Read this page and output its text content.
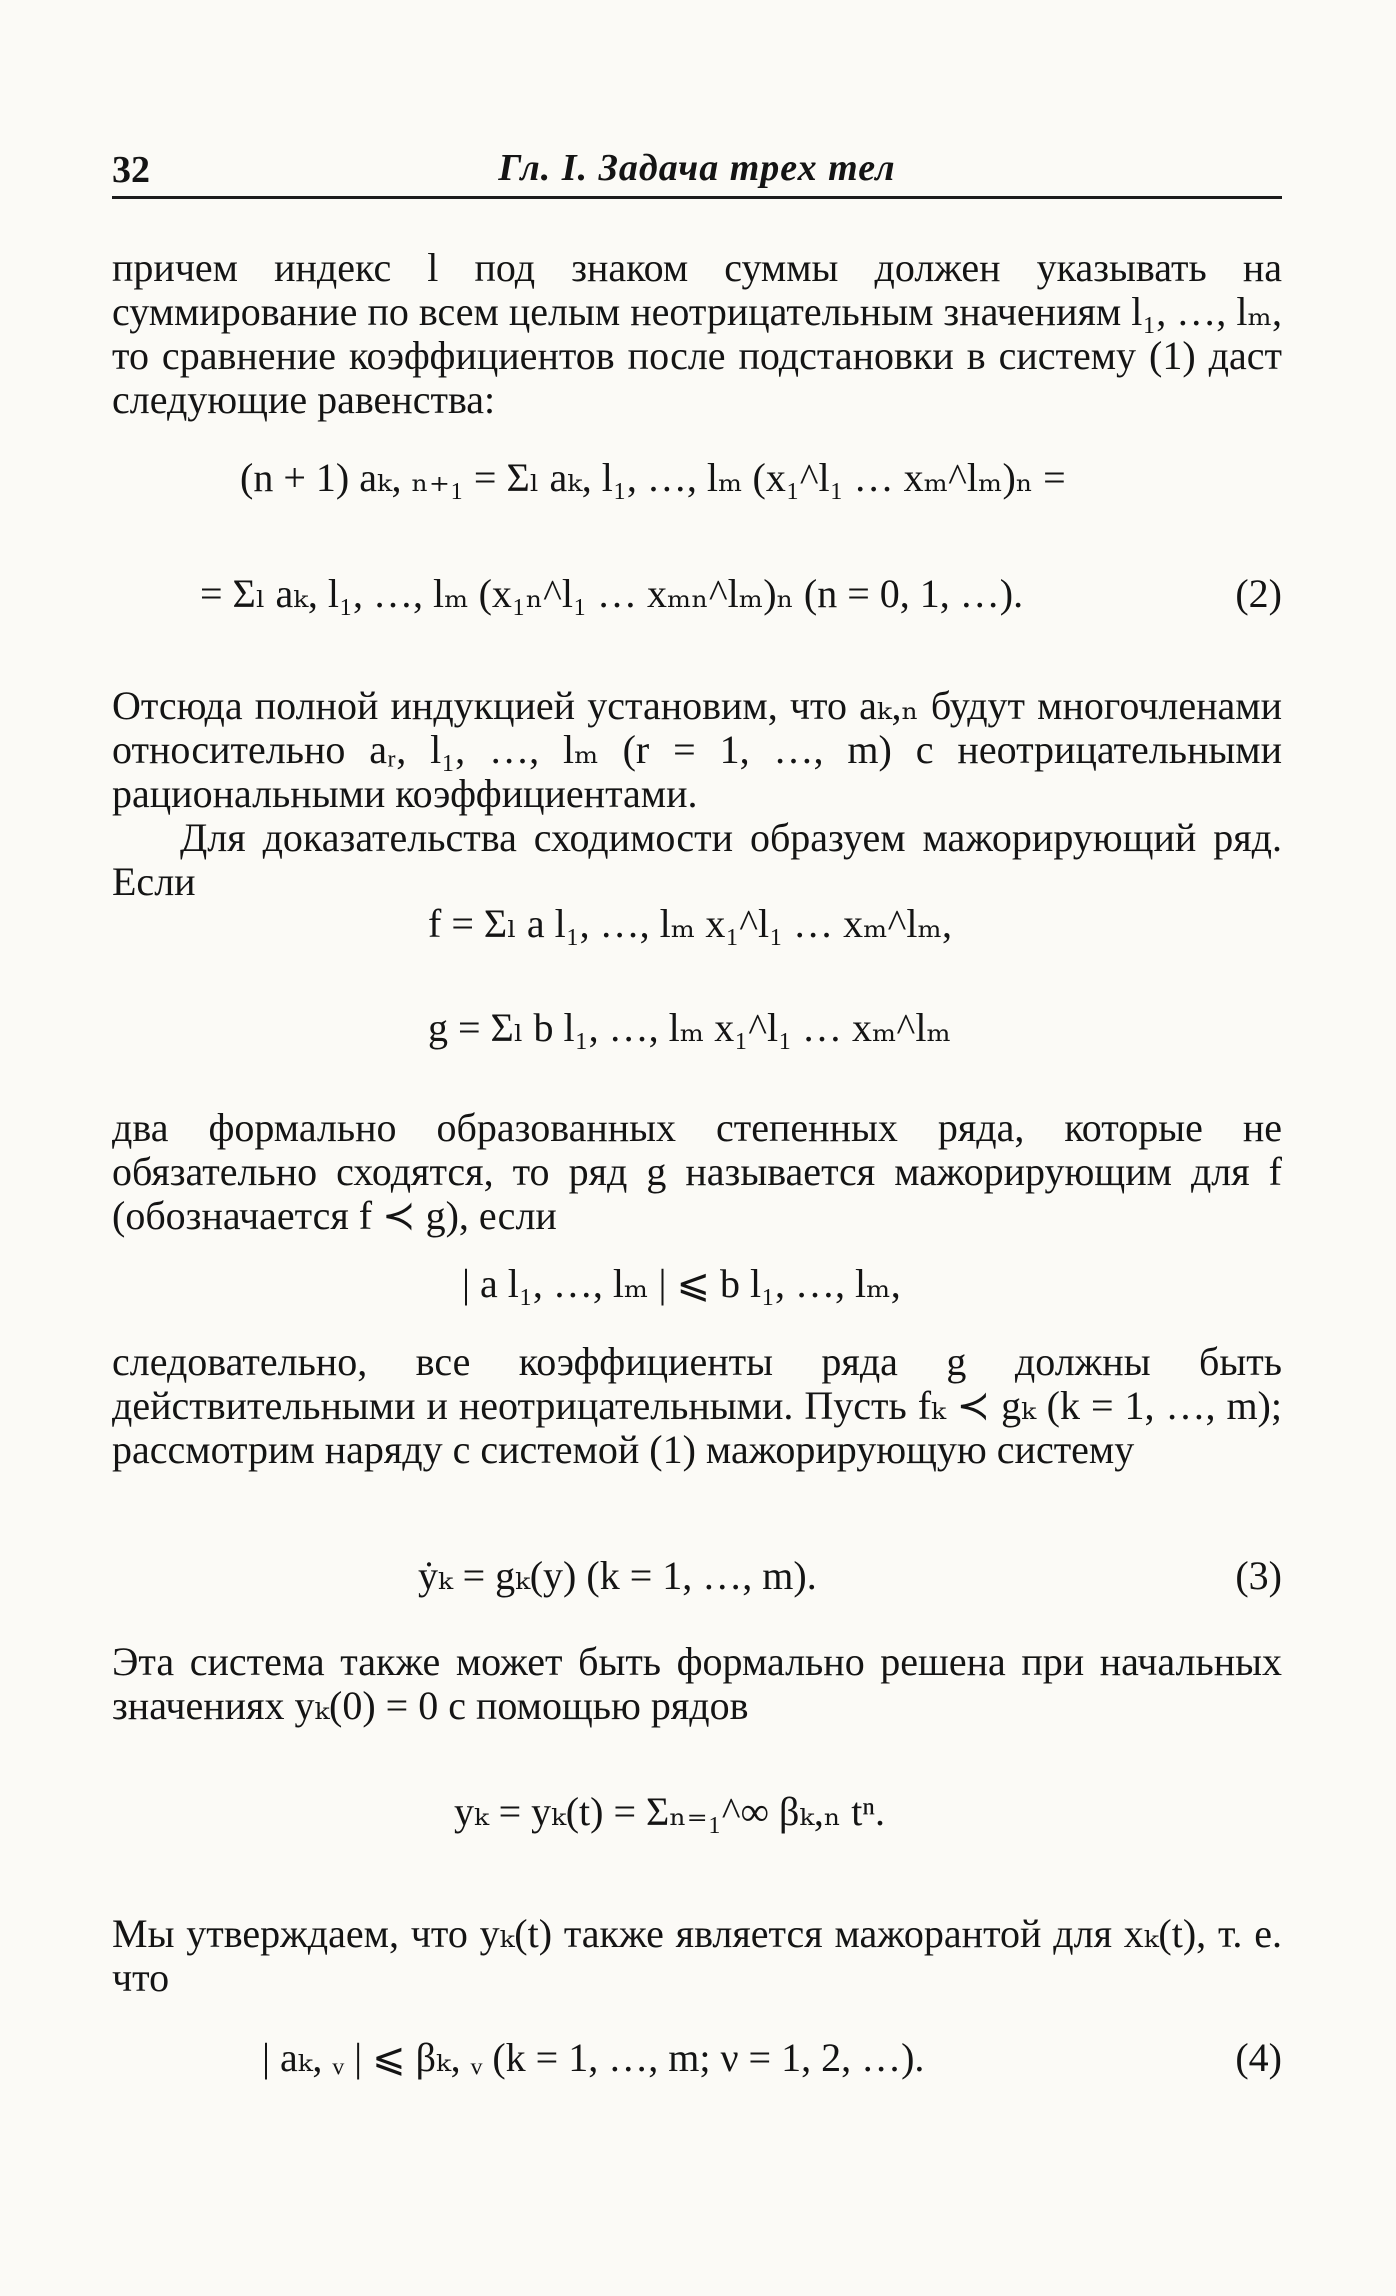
32	Гл. I. Задача трех тел
причем индекс l под знаком суммы должен указывать на суммирование по всем целым неотрицательным значениям l₁, …, lₘ, то сравнение коэффициентов после подстановки в систему (1) даст следующие равенства:
(n + 1) aₖ, ₙ₊₁ = Σₗ aₖ, l₁, …, lₘ (x₁^l₁ … xₘ^lₘ)ₙ =
= Σₗ aₖ, l₁, …, lₘ (x₁ₙ^l₁ … xₘₙ^lₘ)ₙ (n = 0, 1, …).	(2)
Отсюда полной индукцией установим, что aₖ,ₙ будут многочленами относительно aᵣ, l₁, …, lₘ (r = 1, …, m) с неотрицательными рациональными коэффициентами.
Для доказательства сходимости образуем мажорирующий ряд. Если
f = Σₗ a l₁, …, lₘ x₁^l₁ … xₘ^lₘ,
g = Σₗ b l₁, …, lₘ x₁^l₁ … xₘ^lₘ
два формально образованных степенных ряда, которые не обязательно сходятся, то ряд g называется мажорирующим для f (обозначается f ≺ g), если
| a l₁, …, lₘ | ⩽ b l₁, …, lₘ,
следовательно, все коэффициенты ряда g должны быть действительными и неотрицательными. Пусть fₖ ≺ gₖ (k = 1, …, m); рассмотрим наряду с системой (1) мажорирующую систему
ẏₖ = gₖ(y) (k = 1, …, m).	(3)
Эта система также может быть формально решена при начальных значениях yₖ(0) = 0 с помощью рядов
yₖ = yₖ(t) = Σₙ₌₁^∞ βₖ,ₙ tⁿ.
Мы утверждаем, что yₖ(t) также является мажорантой для xₖ(t), т. е. что
| aₖ, ᵥ | ⩽ βₖ, ᵥ (k = 1, …, m; ν = 1, 2, …).	(4)
